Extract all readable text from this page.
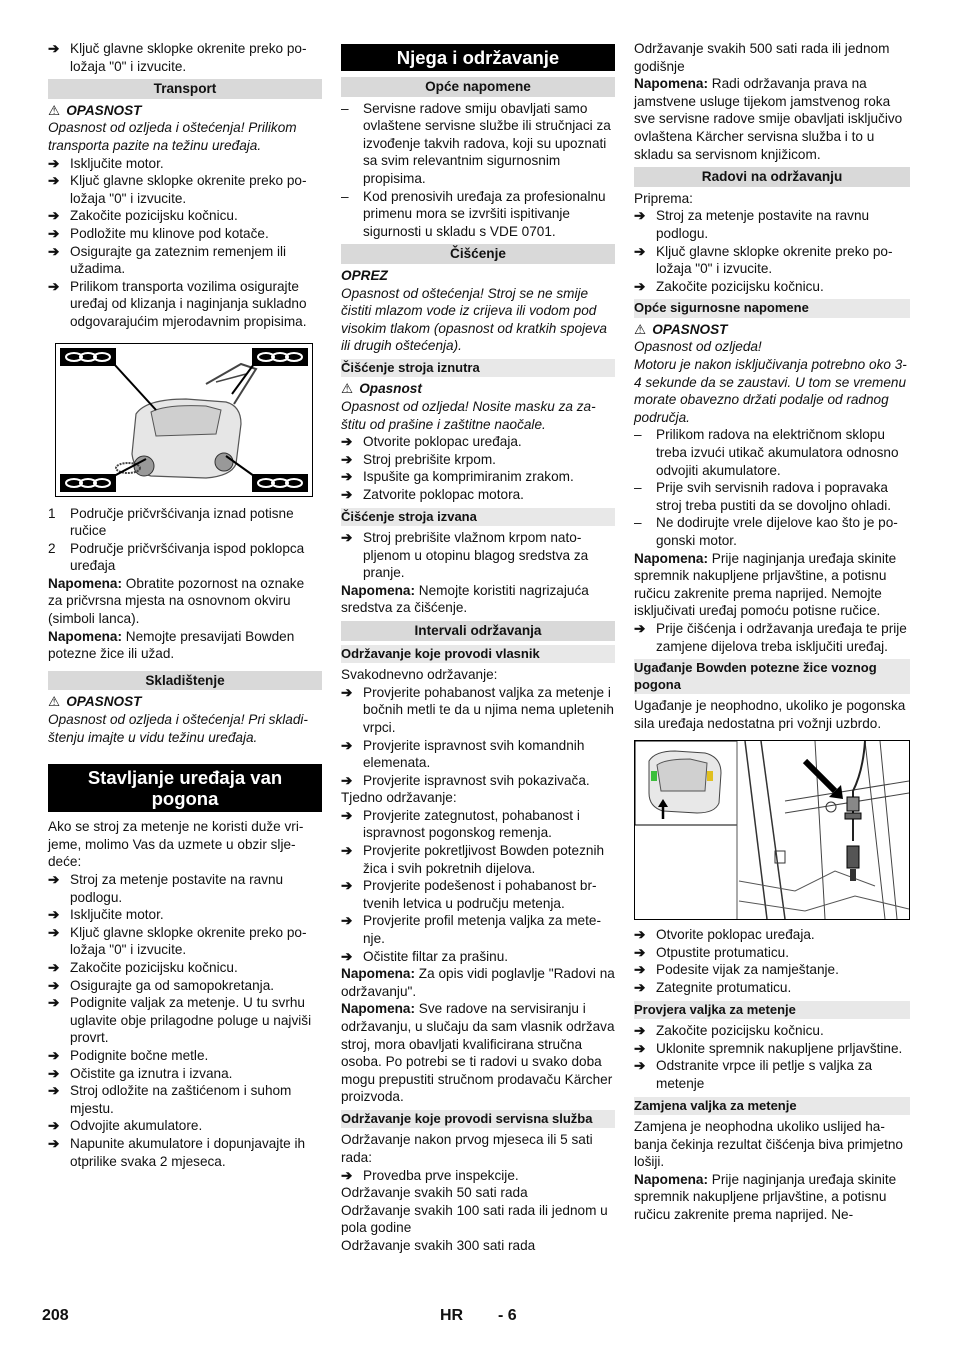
➔ Ključ glavne sklopke okrenite preko položaja "0" i izvucite.

Transport

⚠ OPASNOST

Opasnost od ozljeda i oštećenja! Prilikom transporta pazite na težinu uređaja.

➔ Isključite motor.

➔ Ključ glavne sklopke okrenite preko položaja "0" i izvucite.

➔ Zakočite pozicijsku kočnicu.

➔ Podložite mu klinove pod kotače.

➔ Osigurajte ga zateznim remenjem ili užadima.

➔ Prilikom transporta vozilima osigurajte uređaj od klizanja i naginjanja sukladno odgovarajućim mjerodavnim propisima.

1 Područje pričvršćivanja iznad potisne ručice

2 Područje pričvršćivanja ispod poklopca uređaja

Napomena: Obratite pozornost na oznake za pričvrsna mjesta na osnovnom okviru (simboli lanca).

Napomena: Nemojte presavijati Bowden potezne žice ili užad.

Skladištenje

⚠ OPASNOST

Opasnost od ozljeda i oštećenja! Pri skladištenju imajte u vidu težinu uređaja.

Stavljanje uređaja van pogona

Ako se stroj za metenje ne koristi duže vrijeme, molimo Vas da uzmete u obzir sljedeće:

➔ Stroj za metenje postavite na ravnu podlogu.

➔ Isključite motor.

➔ Ključ glavne sklopke okrenite preko položaja "0" i izvucite.

➔ Zakočite pozicijsku kočnicu.

➔ Osigurajte ga od samopokretanja.

➔ Podignite valjak za metenje. U tu svrhu uglavite obje prilagodne poluge u najviši provrt.

➔ Podignite bočne metle.

➔ Očistite ga iznutra i izvana.

➔ Stroj odložite na zaštićenom i suhom mjestu.

➔ Odvojite akumulatore.

➔ Napunite akumulatore i dopunjavajte ih otprilike svaka 2 mjeseca.

Njega i održavanje
Opće napomene

– Servisne radove smiju obavljati samo ovlaštene servisne službe ili stručnjaci za izvođenje takvih radova, koji su upoznati sa svim relevantnim sigurnosnim propisima.

– Kod prenosivih uređaja za profesionalnu primenu mora se izvršiti ispitivanje sigurnosti u skladu s VDE 0701.

Čišćenje

OPREZ

Opasnost od oštećenja! Stroj se ne smije čistiti mlazom vode iz crijeva ili vodom pod visokim tlakom (opasnost od kratkih spojeva ili drugih oštećenja).

Čišćenje stroja iznutra

⚠ Opasnost

Opasnost od ozljeda! Nosite masku za zaštitu od prašine i zaštitne naočale.

➔ Otvorite poklopac uređaja.

➔ Stroj prebrišite krpom.

➔ Ispušite ga komprimiranim zrakom.

➔ Zatvorite poklopac motora.

Čišćenje stroja izvana

➔ Stroj prebrišite vlažnom krpom natopljenom u otopinu blagog sredstva za pranje.

Napomena: Nemojte koristiti nagrizajuća sredstva za čišćenje.

Intervali održavanja
Održavanje koje provodi vlasnik

Svakodnevno održavanje:

➔ Provjerite pohabanost valjka za metenje i bočnih metli te da u njima nema upletenih vrpci.

➔ Provjerite ispravnost svih komandnih elemenata.

➔ Provjerite ispravnost svih pokazivača.

Tjedno održavanje:

➔ Provjerite zategnutost, pohabanost i ispravnost pogonskog remenja.

➔ Provjerite pokretljivost Bowden poteznih žica i svih pokretnih dijelova.

➔ Provjerite podešenost i pohabanost brtvenih letvica u području metenja.

➔ Provjerite profil metenja valjka za metenje.

➔ Očistite filtar za prašinu.

Napomena: Za opis vidi poglavlje "Radovi na održavanju".

Napomena: Sve radove na servisiranju i održavanju, u slučaju da sam vlasnik održava stroj, mora obavljati kvalificirana stručna osoba. Po potrebi se ti radovi u svako doba mogu prepustiti stručnom prodavaču Kärcher proizvoda.

Održavanje koje provodi servisna služba

Održavanje nakon prvog mjeseca ili 5 sati rada:

➔ Provedba prve inspekcije.

Održavanje svakih 50 sati rada

Održavanje svakih 100 sati rada ili jednom u pola godine

Održavanje svakih 300 sati rada

Održavanje svakih 500 sati rada ili jednom godišnje

Napomena: Radi održavanja prava na jamstvene usluge tijekom jamstvenog roka sve servisne radove smije obavljati isključivo ovlaštena Kärcher servisna služba i to u skladu sa servisnom knjižicom.

Radovi na održavanju

Priprema:

➔ Stroj za metenje postavite na ravnu podlogu.

➔ Ključ glavne sklopke okrenite preko položaja "0" i izvucite.

➔ Zakočite pozicijsku kočnicu.

Opće sigurnosne napomene

⚠ OPASNOST

Opasnost od ozljeda!

Motoru je nakon isključivanja potrebno oko 3-4 sekunde da se zaustavi. U tom se vremenu morate obavezno držati podalje od radnog područja.

– Prilikom radova na električnom sklopu treba izvući utikač akumulatora odnosno odvojiti akumulatore.

– Prije svih servisnih radova i popravaka stroj treba pustiti da se dovoljno ohladi.

– Ne dodirujte vrele dijelove kao što je pogonski motor.

Napomena: Prije naginjanja uređaja skinite spremnik nakupljene prljavštine, a potisnu ručicu zakrenite prema naprijed. Nemojte isključivati uređaj pomoću potisne ručice.

➔ Prije čišćenja i održavanja uređaja te prije zamjene dijelova treba isključiti uređaj.

Ugađanje Bowden potezne žice voznog pogona

Ugađanje je neophodno, ukoliko je pogonska sila uređaja nedostatna pri vožnji uzbrdo.

➔ Otvorite poklopac uređaja.

➔ Otpustite protumaticu.

➔ Podesite vijak za namještanje.

➔ Zategnite protumaticu.

Provjera valjka za metenje

➔ Zakočite pozicijsku kočnicu.

➔ Uklonite spremnik nakupljene prljavštine.

➔ Odstranite vrpce ili petlje s valjka za metenje

Zamjena valjka za metenje

Zamjena je neophodna ukoliko uslijed habanja čekinja rezultat čišćenja biva primjetno lošiji.

Napomena: Prije naginjanja uređaja skinite spremnik nakupljene prljavštine, a potisnu ručicu zakrenite prema naprijed. Ne-

208	HR - 6
